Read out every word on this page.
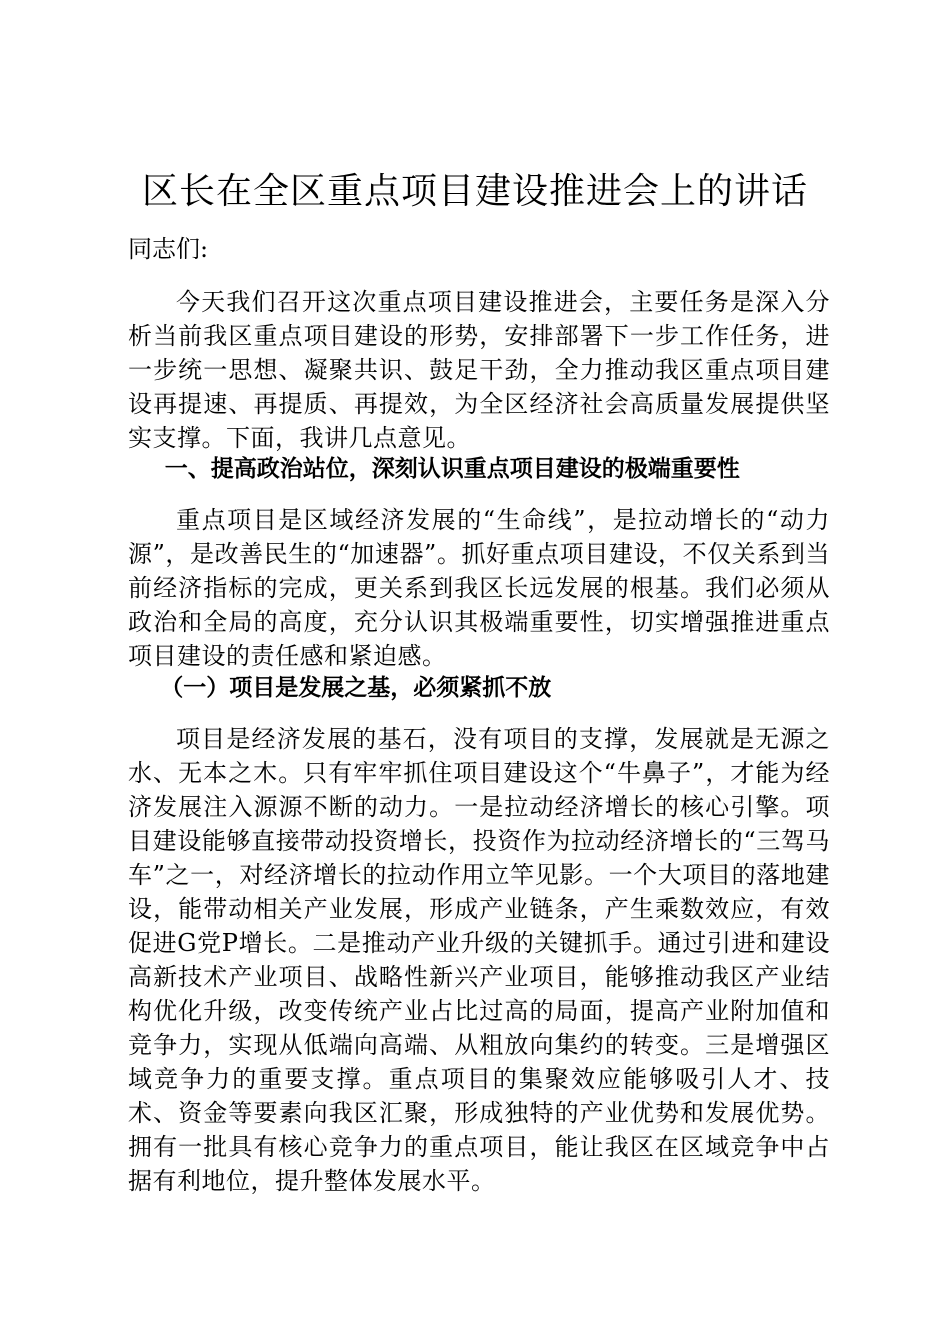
区长在全区重点项目建设推进会上的讲话

同志们:

今天我们召开这次重点项目建设推进会，主要任务是深入分析当前我区重点项目建设的形势，安排部署下一步工作任务，进一步统一思想、凝聚共识、鼓足干劲，全力推动我区重点项目建设再提速、再提质、再提效，为全区经济社会高质量发展提供坚实支撑。下面，我讲几点意见。

一、提高政治站位，深刻认识重点项目建设的极端重要性

重点项目是区域经济发展的“生命线”，是拉动增长的“动力源”，是改善民生的“加速器”。抓好重点项目建设，不仅关系到当前经济指标的完成，更关系到我区长远发展的根基。我们必须从政治和全局的高度，充分认识其极端重要性，切实增强推进重点项目建设的责任感和紧迫感。

（一）项目是发展之基，必须紧抓不放

项目是经济发展的基石，没有项目的支撑，发展就是无源之水、无本之木。只有牢牢抓住项目建设这个“牛鼻子”，才能为经济发展注入源源不断的动力。一是拉动经济增长的核心引擎。项目建设能够直接带动投资增长，投资作为拉动经济增长的“三驾马车”之一，对经济增长的拉动作用立竿见影。一个大项目的落地建设，能带动相关产业发展，形成产业链条，产生乘数效应，有效促进G党P增长。二是推动产业升级的关键抓手。通过引进和建设高新技术产业项目、战略性新兴产业项目，能够推动我区产业结构优化升级，改变传统产业占比过高的局面，提高产业附加值和竞争力，实现从低端向高端、从粗放向集约的转变。三是增强区域竞争力的重要支撑。重点项目的集聚效应能够吸引人才、技术、资金等要素向我区汇聚，形成独特的产业优势和发展优势。拥有一批具有核心竞争力的重点项目，能让我区在区域竞争中占据有利地位，提升整体发展水平。
